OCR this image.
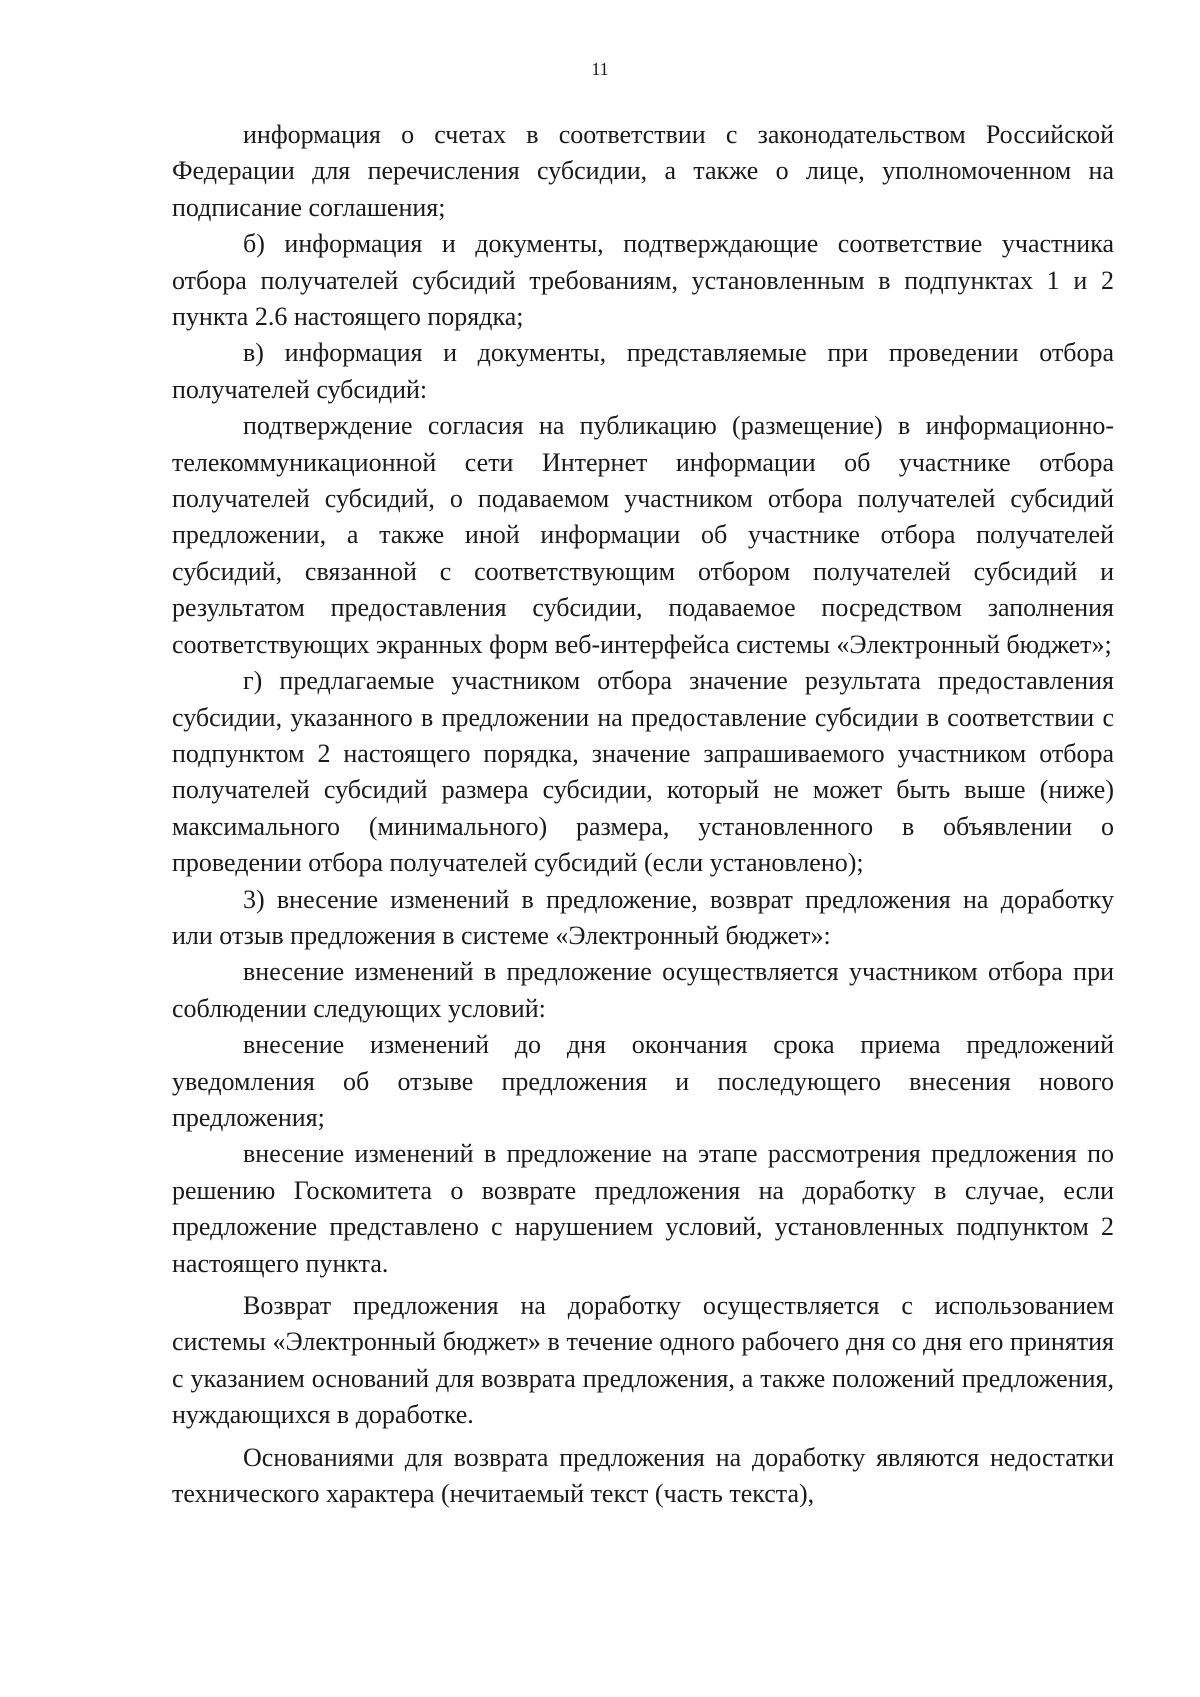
11

информация о счетах в соответствии с законодательством Российской Федерации для перечисления субсидии, а также о лице, уполномоченном на подписание соглашения;

б) информация и документы, подтверждающие соответствие участника отбора получателей субсидий требованиям, установленным в подпунктах 1 и 2 пункта 2.6 настоящего порядка;

в) информация и документы, представляемые при проведении отбора получателей субсидий:

подтверждение согласия на публикацию (размещение) в информационно-телекоммуникационной сети Интернет информации об участнике отбора получателей субсидий, о подаваемом участником отбора получателей субсидий предложении, а также иной информации об участнике отбора получателей субсидий, связанной с соответствующим отбором получателей субсидий и результатом предоставления субсидии, подаваемое посредством заполнения соответствующих экранных форм веб-интерфейса системы «Электронный бюджет»;

г) предлагаемые участником отбора значение результата предоставления субсидии, указанного в предложении на предоставление субсидии в соответствии с подпунктом 2 настоящего порядка, значение запрашиваемого участником отбора получателей субсидий размера субсидии, который не может быть выше (ниже) максимального (минимального) размера, установленного в объявлении о проведении отбора получателей субсидий (если установлено);

3) внесение изменений в предложение, возврат предложения на доработку или отзыв предложения в системе «Электронный бюджет»:

внесение изменений в предложение осуществляется участником отбора при соблюдении следующих условий:

внесение изменений до дня окончания срока приема предложений уведомления об отзыве предложения и последующего внесения нового предложения;

внесение изменений в предложение на этапе рассмотрения предложения по решению Госкомитета о возврате предложения на доработку в случае, если предложение представлено с нарушением условий, установленных подпунктом 2 настоящего пункта.

Возврат предложения на доработку осуществляется с использованием системы «Электронный бюджет» в течение одного рабочего дня со дня его принятия с указанием оснований для возврата предложения, а также положений предложения, нуждающихся в доработке.

Основаниями для возврата предложения на доработку являются недостатки технического характера (нечитаемый текст (часть текста),
